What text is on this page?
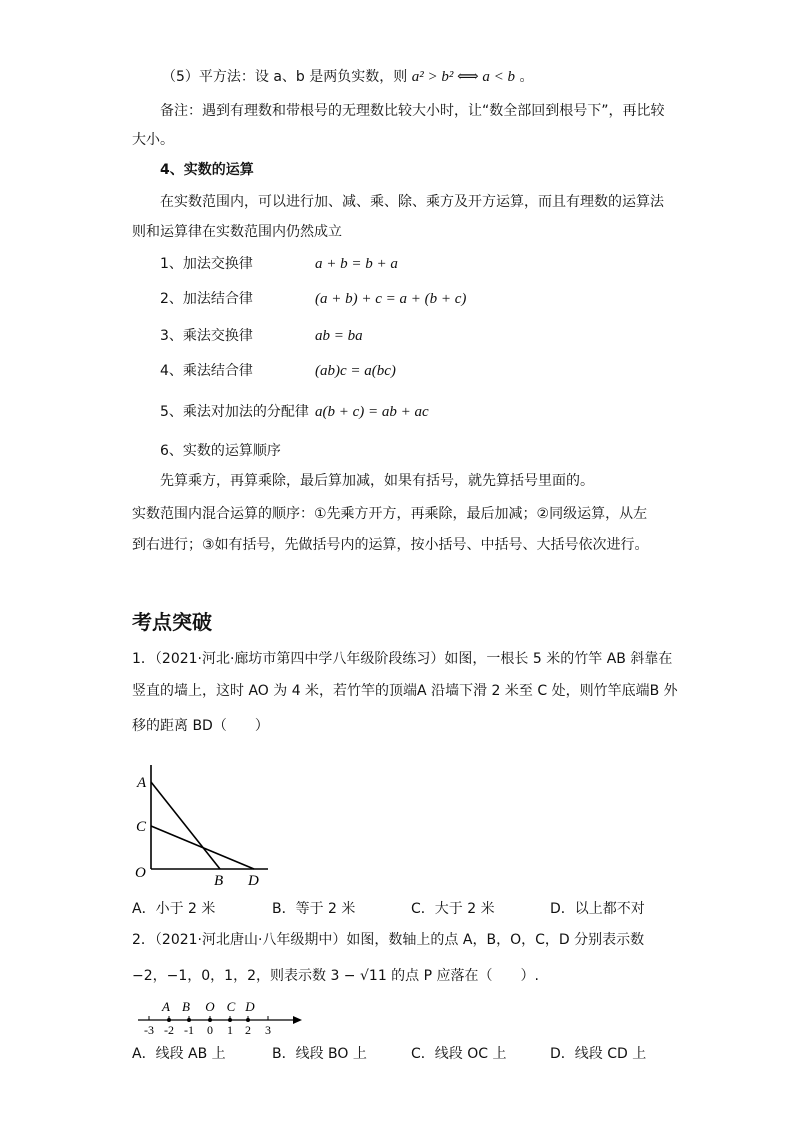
（5）平方法：设 a、b 是两负实数，则 a² > b² ⟺ a < b 。
备注：遇到有理数和带根号的无理数比较大小时，让“数全部回到根号下”，再比较
大小。
4、实数的运算
在实数范围内，可以进行加、减、乘、除、乘方及开方运算，而且有理数的运算法
则和运算律在实数范围内仍然成立
1、加法交换律	a + b = b + a
2、加法结合律	(a + b) + c = a + (b + c)
3、乘法交换律	ab = ba
4、乘法结合律	(ab)c = a(bc)
5、乘法对加法的分配律 a(b + c) = ab + ac
6、实数的运算顺序
先算乘方，再算乘除，最后算加减，如果有括号，就先算括号里面的。
实数范围内混合运算的顺序：①先乘方开方，再乘除，最后加减；②同级运算，从左
到右进行；③如有括号，先做括号内的运算，按小括号、中括号、大括号依次进行。
考点突破
1．（2021·河北·廊坊市第四中学八年级阶段练习）如图，一根长 5 米的竹竿 AB 斜靠在
竖直的墙上，这时 AO 为 4 米，若竹竿的顶端A 沿墙下滑 2 米至 C 处，则竹竿底端B 外
移的距离 BD（　　）
A
C
O	B D
A．小于 2 米	B．等于 2 米	C．大于 2 米	D．以上都不对
2．（2021·河北唐山·八年级期中）如图，数轴上的点 A，B，O，C，D 分别表示数
−2，−1，0，1，2，则表示数 3 − √11 的点 P 应落在（　　）.
A B O C D
-3 -2 -1 0 1 2 3
A．线段 AB 上	B．线段 BO 上	C．线段 OC 上	D．线段 CD 上
